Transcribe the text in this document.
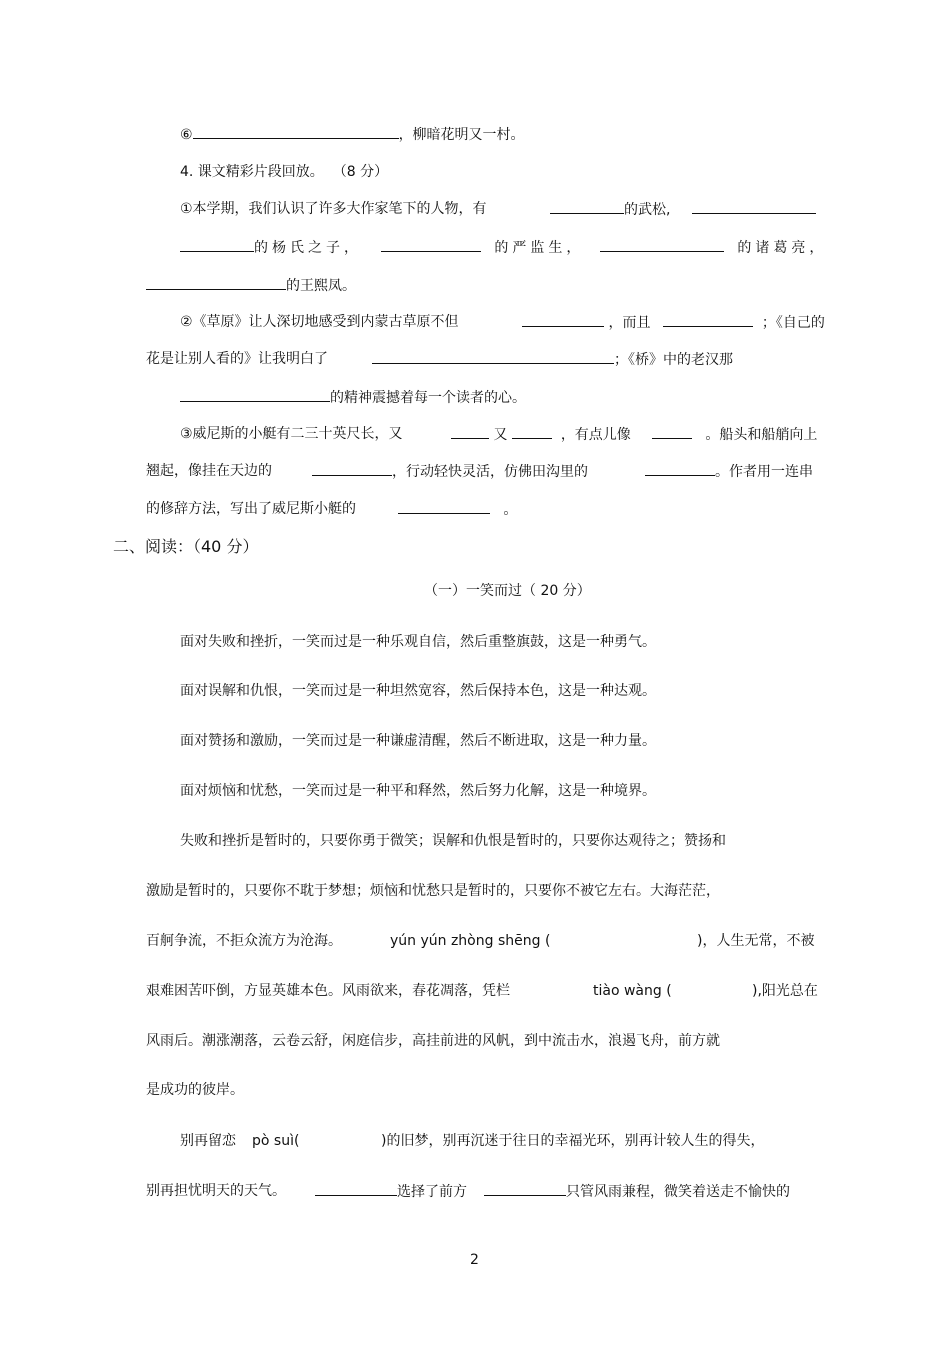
⑥	，柳暗花明又一村。
4. 课文精彩片段回放。 （8 分）
①本学期，我们认识了许多大作家笔下的人物，有	的武松,
的杨氏之子，	的严监生，	的诸葛亮，
的王熙凤。
②《草原》让人深切地感受到内蒙古草原不但	，而且	；《自己的
花是让别人看的》让我明白了	；《桥》中的老汉那
的精神震撼着每一个读者的心。
③威尼斯的小艇有二三十英尺长，又	又	，有点儿像	。船头和船艄向上
翘起，像挂在天边的	，行动轻快灵活，仿佛田沟里的	。作者用一连串
的修辞方法，写出了威尼斯小艇的	。
二、阅读：（40 分）
（一）一笑而过（ 20 分）
面对失败和挫折，一笑而过是一种乐观自信，然后重整旗鼓，这是一种勇气。
面对误解和仇恨，一笑而过是一种坦然宽容，然后保持本色，这是一种达观。
面对赞扬和激励，一笑而过是一种谦虚清醒，然后不断进取，这是一种力量。
面对烦恼和忧愁，一笑而过是一种平和释然，然后努力化解，这是一种境界。
失败和挫折是暂时的，只要你勇于微笑；误解和仇恨是暂时的，只要你达观待之；赞扬和
激励是暂时的，只要你不耽于梦想；烦恼和忧愁只是暂时的，只要你不被它左右。大海茫茫，
百舸争流，不拒众流方为沧海。	yún yún zhòng shēng (	)，人生无常，不被
艰难困苦吓倒，方显英雄本色。风雨欲来，春花凋落，凭栏	tiào wàng (	),阳光总在
风雨后。潮涨潮落，云卷云舒，闲庭信步，高挂前进的风帆，到中流击水，浪遏飞舟，前方就
是成功的彼岸。
别再留恋 pò suì(	)的旧梦，别再沉迷于往日的幸福光环，别再计较人生的得失，
别再担忧明天的天气。	选择了前方	只管风雨兼程，微笑着送走不愉快的
2
